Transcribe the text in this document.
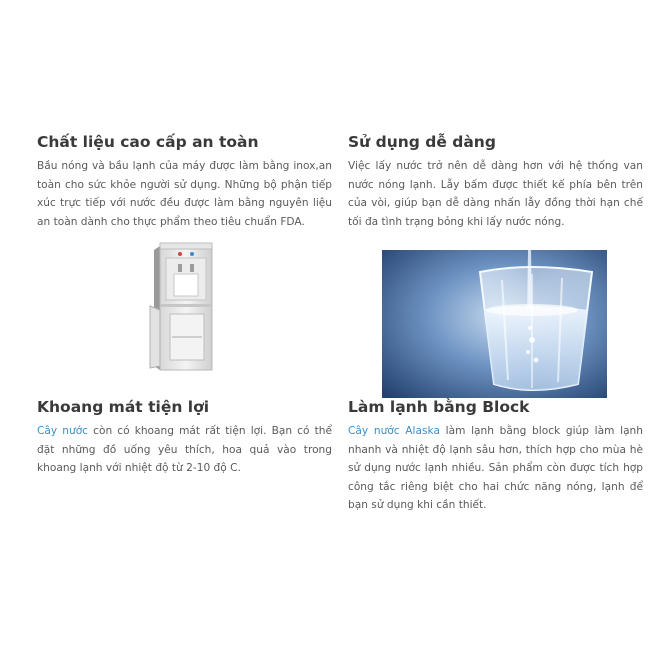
Chất liệu cao cấp an toàn

Bầu nóng và bầu lạnh của máy được làm bằng inox,an toàn cho sức khỏe người sử dụng. Những bộ phận tiếp xúc trực tiếp với nước đều được làm bằng nguyên liệu an toàn dành cho thực phẩm theo tiêu chuẩn FDA.

Sử dụng dễ dàng

Việc lấy nước trở nên dễ dàng hơn với hệ thống van nước nóng lạnh. Lẫy bấm được thiết kế phía bên trên của vòi, giúp bạn dễ dàng nhấn lẫy đồng thời hạn chế tối đa tình trạng bỏng khi lấy nước nóng.

Khoang mát tiện lợi

Cây nước còn có khoang mát rất tiện lợi. Bạn có thể đặt những đồ uống yêu thích, hoa quả vào trong khoang lạnh với nhiệt độ từ 2-10 độ C.

Làm lạnh bằng Block

Cây nước Alaska làm lạnh bằng block giúp làm lạnh nhanh và nhiệt độ lạnh sâu hơn, thích hợp cho mùa hè sử dụng nước lạnh nhiều. Sản phẩm còn được tích hợp công tắc riêng biệt cho hai chức năng nóng, lạnh để bạn sử dụng khi cần thiết.
